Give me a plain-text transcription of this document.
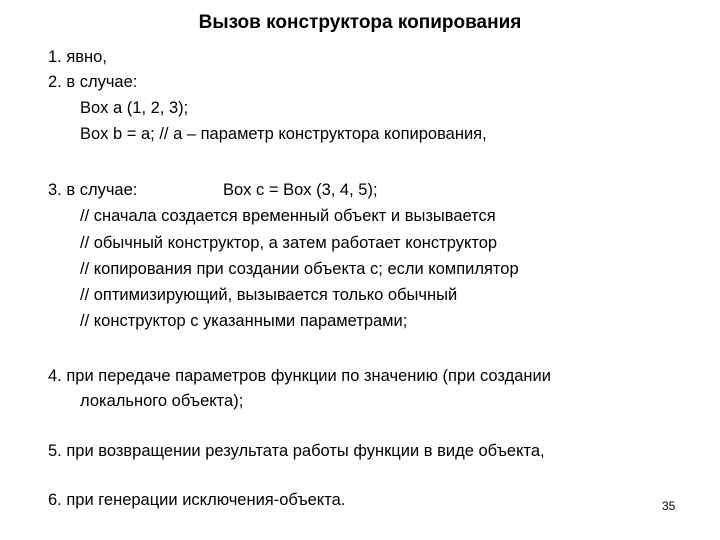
Вызов конструктора копирования
1. явно,
2. в случае:
Box a (1, 2, 3);
Box b = a; // a – параметр конструктора копирования,
3. в случае:	Box c = Box (3, 4, 5);
// сначала создается временный объект и вызывается
// обычный конструктор, а затем работает конструктор
// копирования при создании объекта с; если компилятор
// оптимизирующий, вызывается только обычный
// конструктор с указанными параметрами;
4. при передаче параметров функции по значению (при создании
локального объекта);
5. при возвращении результата работы функции в виде объекта,
6. при генерации исключения-объекта.	35
